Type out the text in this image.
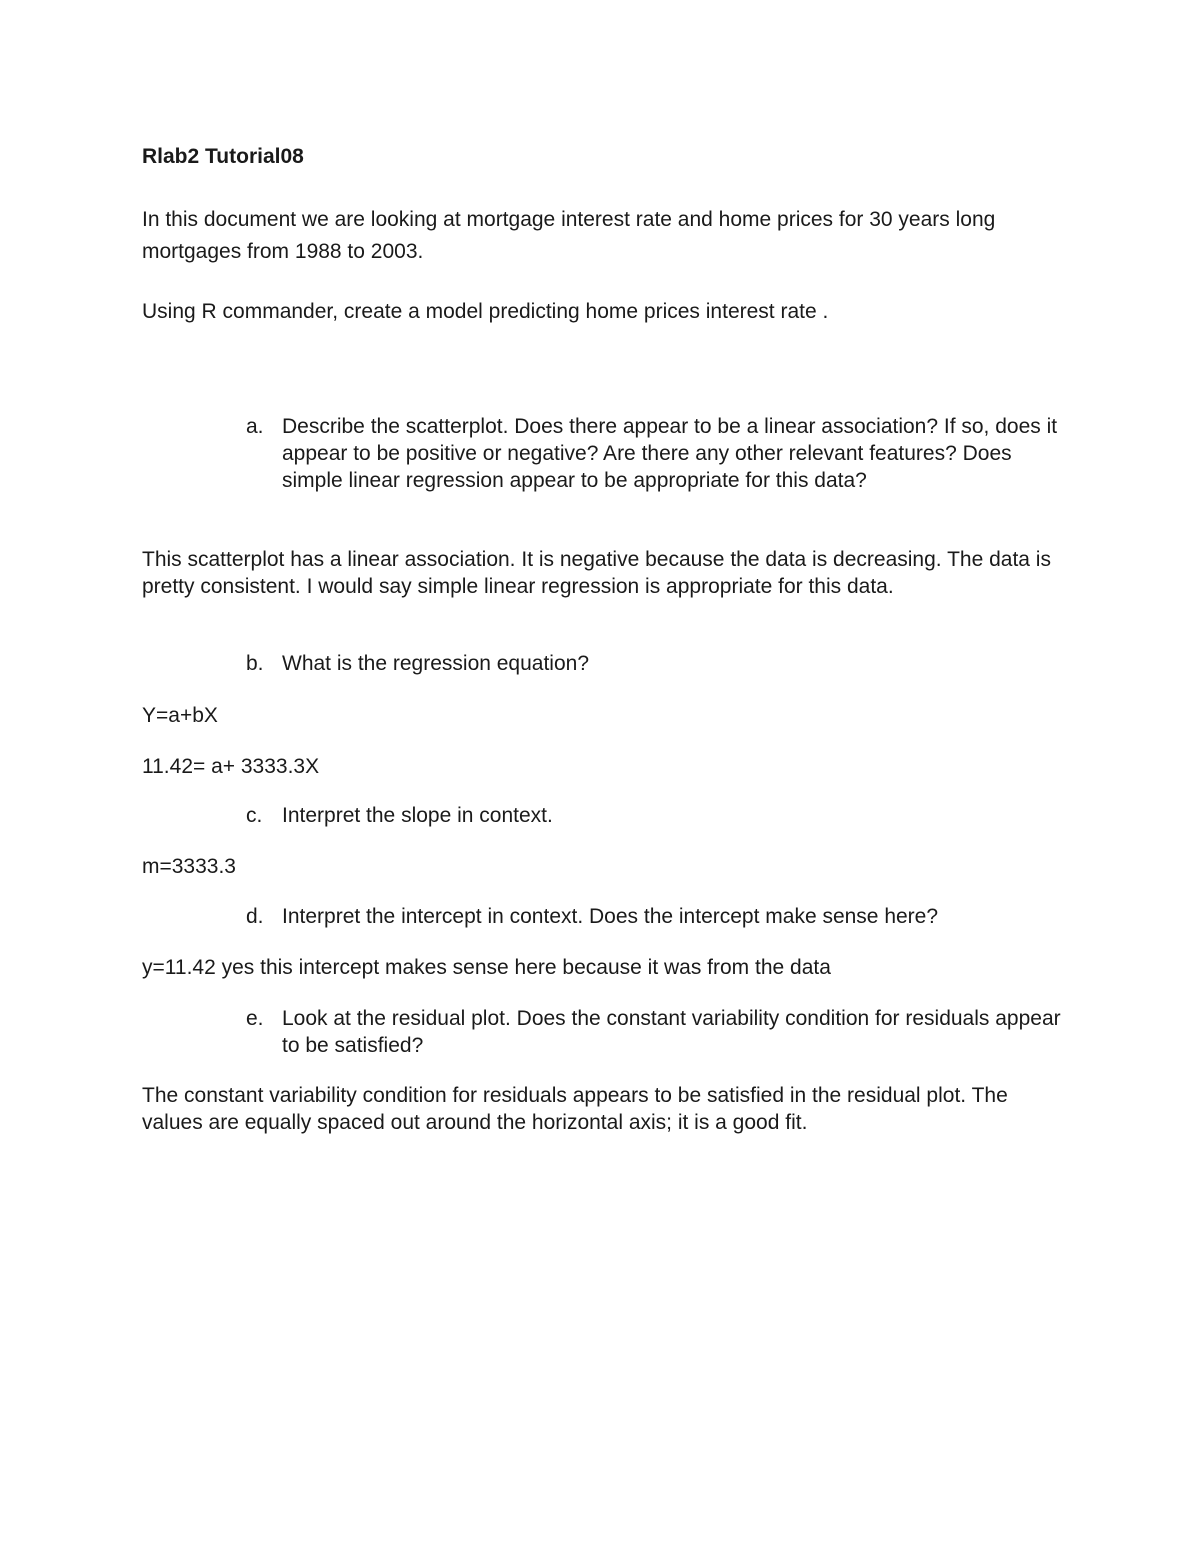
Rlab2 Tutorial08

In this document we are looking at mortgage interest rate and home prices for 30 years long mortgages from 1988 to 2003.

Using R commander, create a model predicting home prices interest rate .

a. Describe the scatterplot. Does there appear to be a linear association? If so, does it appear to be positive or negative? Are there any other relevant features? Does simple linear regression appear to be appropriate for this data?

This scatterplot has a linear association. It is negative because the data is decreasing. The data is pretty consistent. I would say simple linear regression is appropriate for this data.

b. What is the regression equation?

Y=a+bX

11.42= a+ 3333.3X

c. Interpret the slope in context.

m=3333.3

d. Interpret the intercept in context. Does the intercept make sense here?

y=11.42 yes this intercept makes sense here because it was from the data

e. Look at the residual plot. Does the constant variability condition for residuals appear to be satisfied?

The constant variability condition for residuals appears to be satisfied in the residual plot. The values are equally spaced out around the horizontal axis; it is a good fit.
